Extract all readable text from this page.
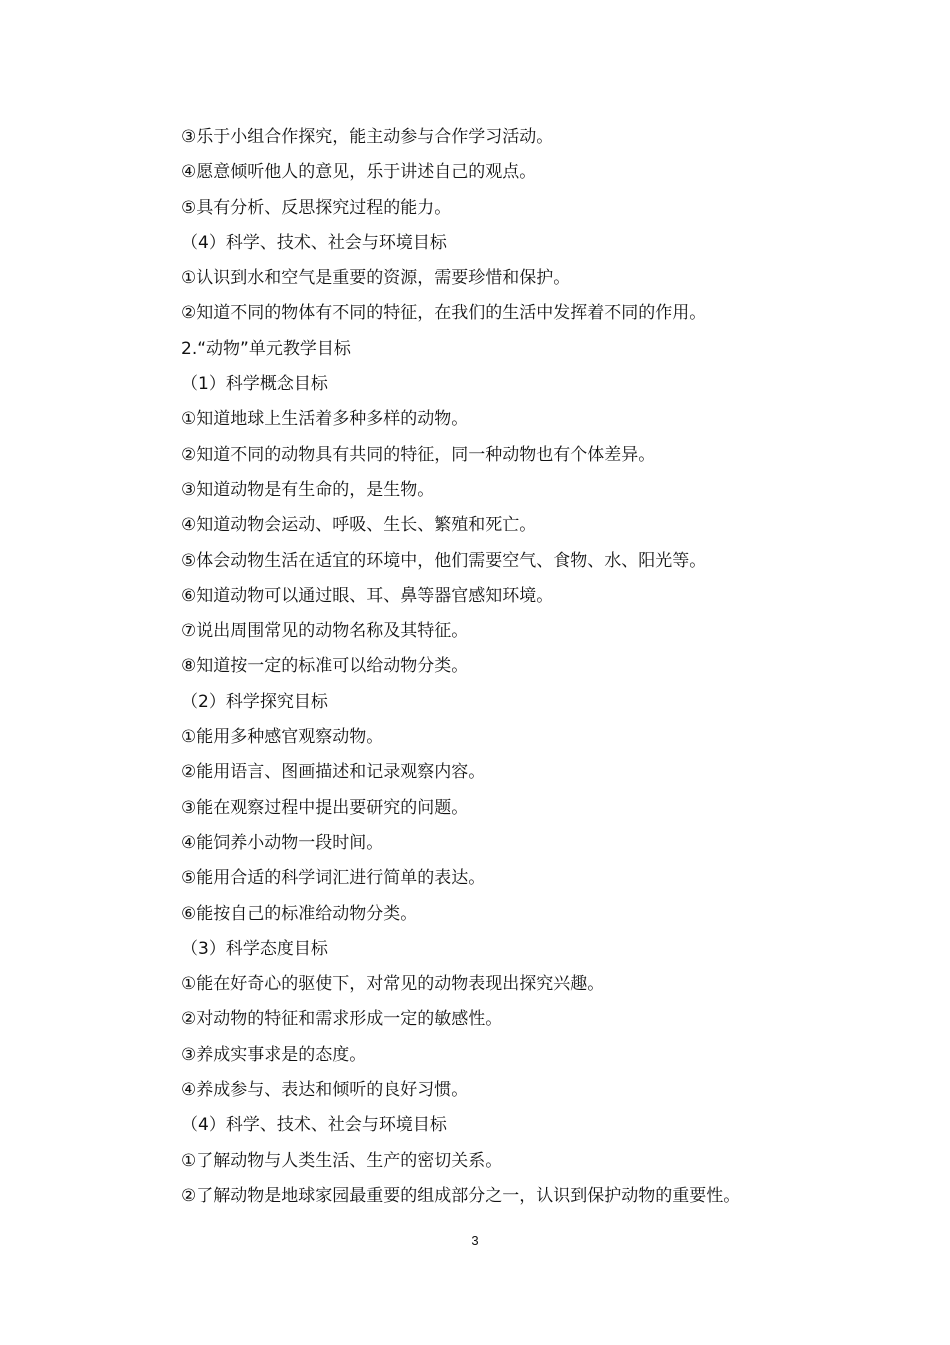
③乐于小组合作探究，能主动参与合作学习活动。
④愿意倾听他人的意见，乐于讲述自己的观点。
⑤具有分析、反思探究过程的能力。
（4）科学、技术、社会与环境目标
①认识到水和空气是重要的资源，需要珍惜和保护。
②知道不同的物体有不同的特征，在我们的生活中发挥着不同的作用。
2.“动物”单元教学目标
（1）科学概念目标
①知道地球上生活着多种多样的动物。
②知道不同的动物具有共同的特征，同一种动物也有个体差异。
③知道动物是有生命的，是生物。
④知道动物会运动、呼吸、生长、繁殖和死亡。
⑤体会动物生活在适宜的环境中，他们需要空气、食物、水、阳光等。
⑥知道动物可以通过眼、耳、鼻等器官感知环境。
⑦说出周围常见的动物名称及其特征。
⑧知道按一定的标准可以给动物分类。
（2）科学探究目标
①能用多种感官观察动物。
②能用语言、图画描述和记录观察内容。
③能在观察过程中提出要研究的问题。
④能饲养小动物一段时间。
⑤能用合适的科学词汇进行简单的表达。
⑥能按自己的标准给动物分类。
（3）科学态度目标
①能在好奇心的驱使下，对常见的动物表现出探究兴趣。
②对动物的特征和需求形成一定的敏感性。
③养成实事求是的态度。
④养成参与、表达和倾听的良好习惯。
（4）科学、技术、社会与环境目标
①了解动物与人类生活、生产的密切关系。
②了解动物是地球家园最重要的组成部分之一，认识到保护动物的重要性。
3
